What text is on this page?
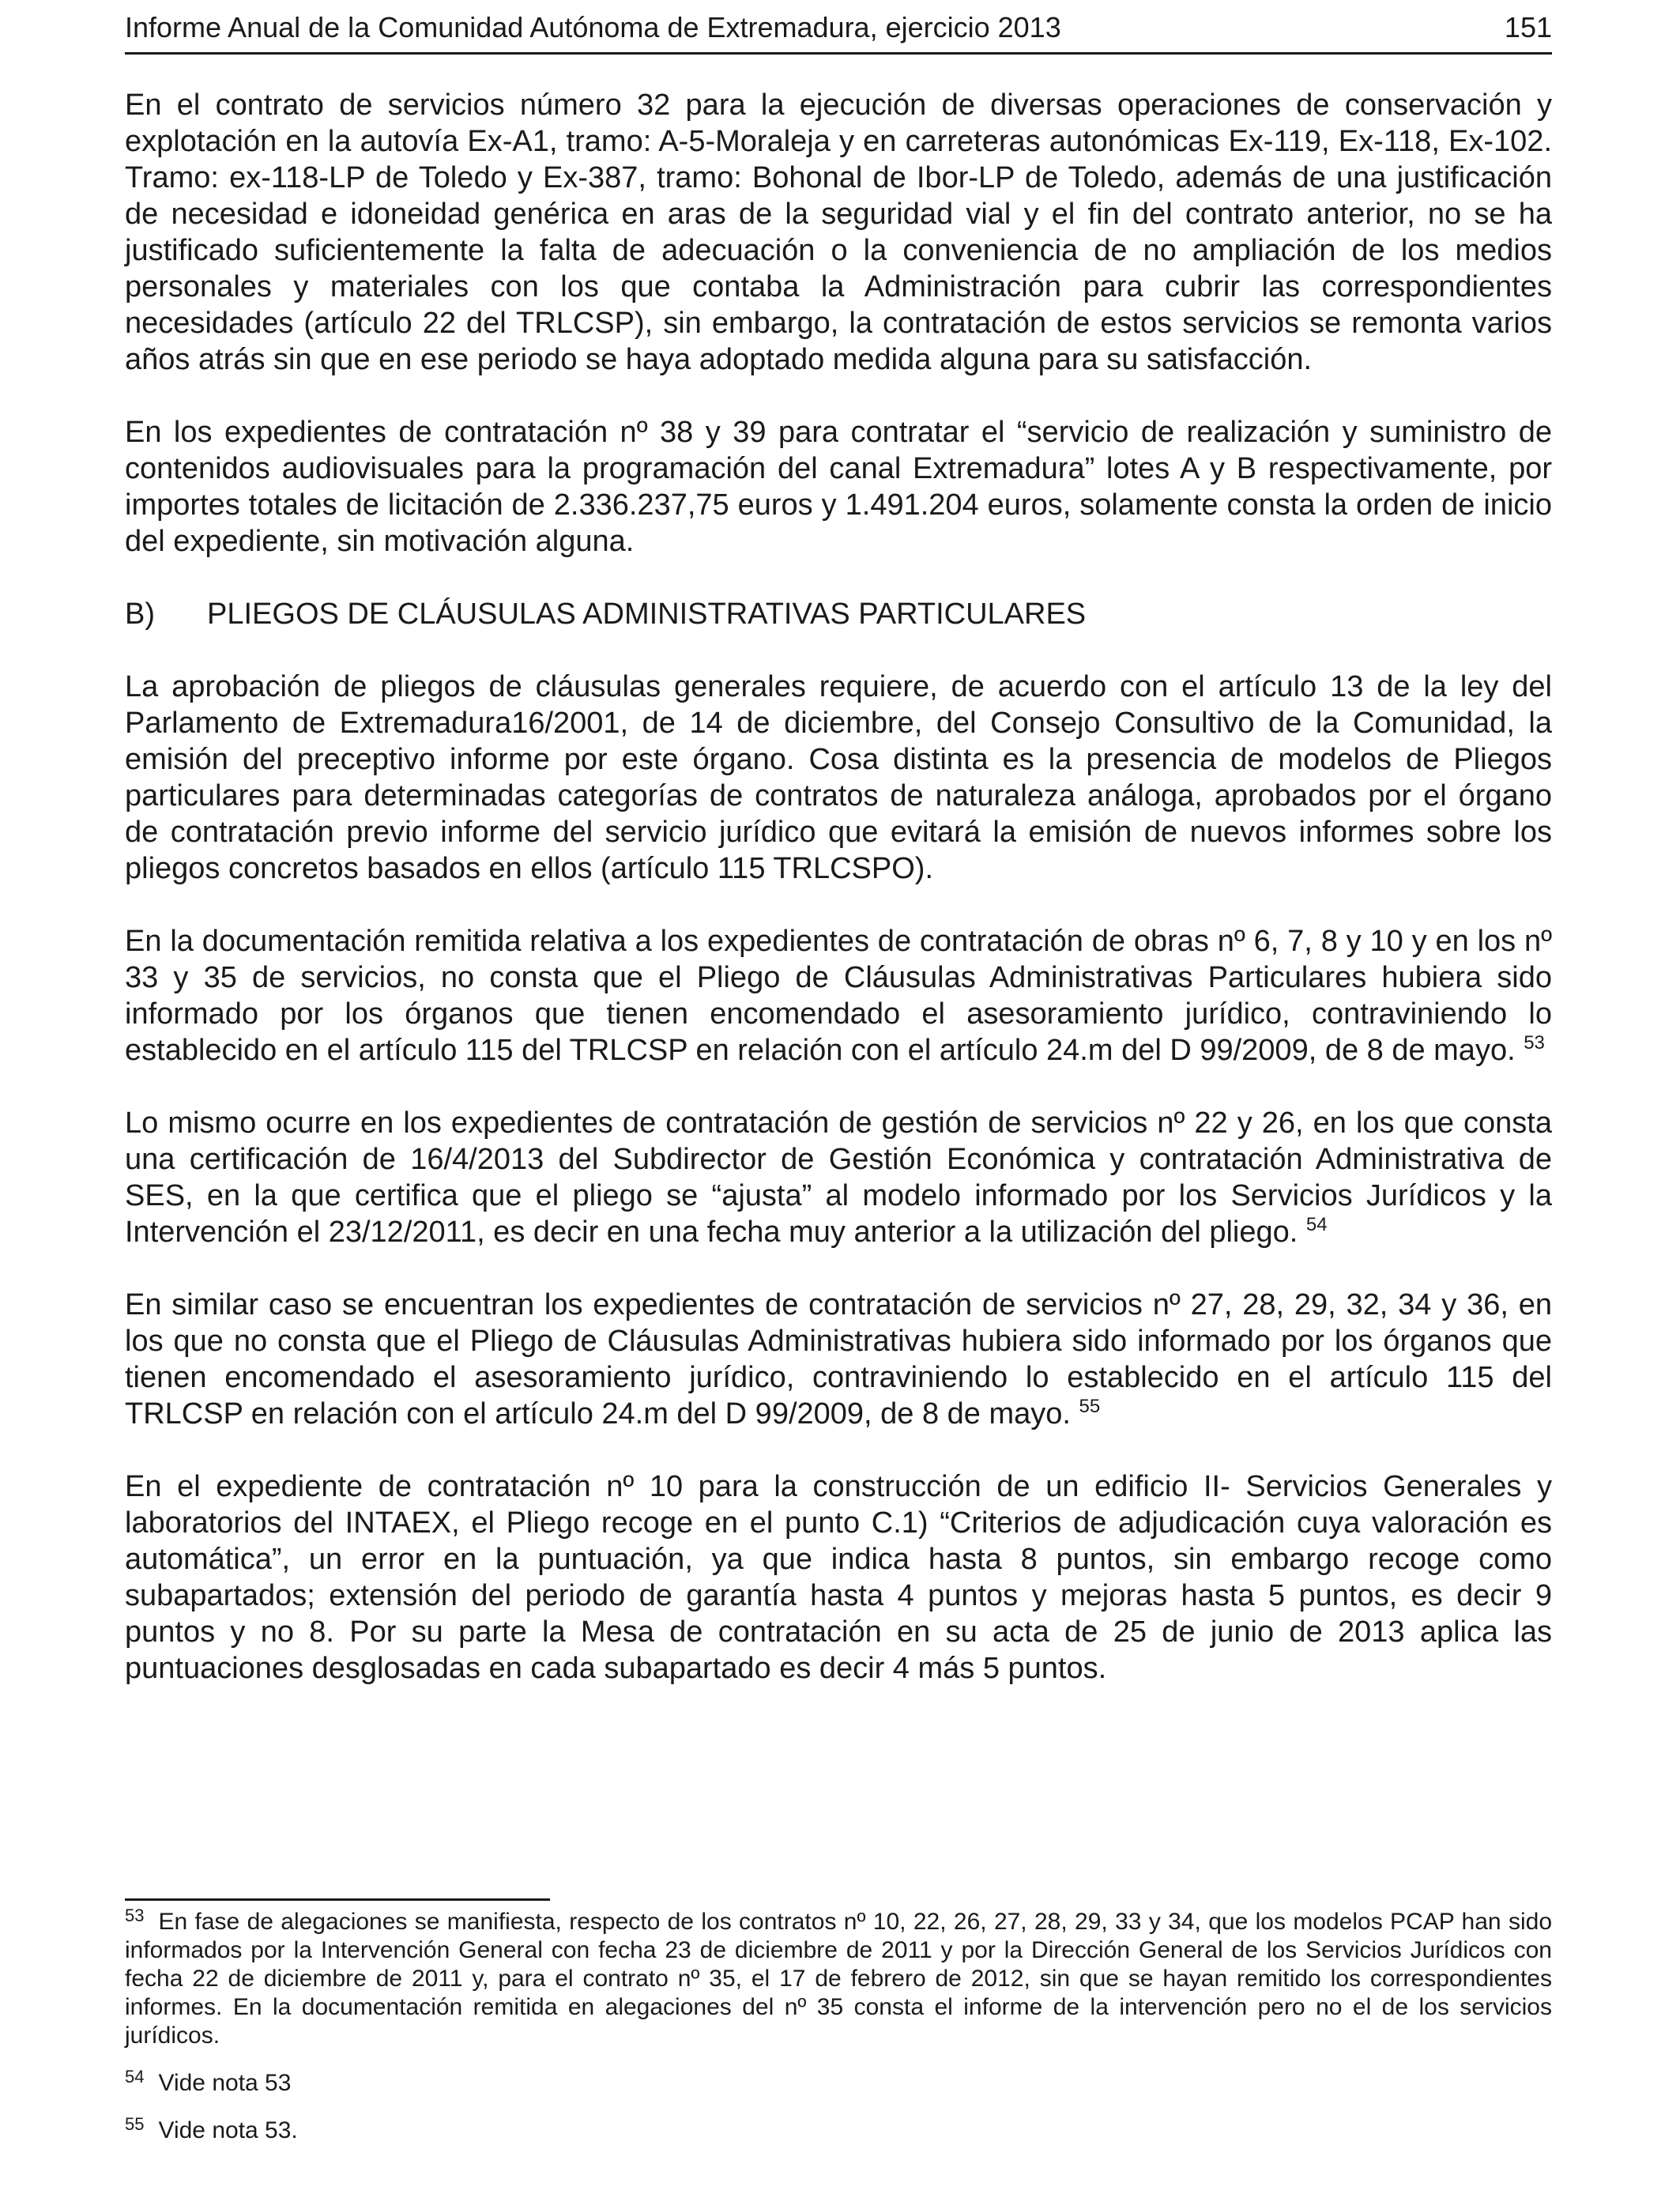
Informe Anual de la Comunidad Autónoma de Extremadura, ejercicio 2013	151

En el contrato de servicios número 32 para la ejecución de diversas operaciones de conservación y explotación en la autovía Ex-A1, tramo: A-5-Moraleja y en carreteras autonómicas Ex-119, Ex-118, Ex-102. Tramo: ex-118-LP de Toledo y Ex-387, tramo: Bohonal de Ibor-LP de Toledo, además de una justificación de necesidad e idoneidad genérica en aras de la seguridad vial y el fin del contrato anterior, no se ha justificado suficientemente la falta de adecuación o la conveniencia de no ampliación de los medios personales y materiales con los que contaba la Administración para cubrir las correspondientes necesidades (artículo 22 del TRLCSP), sin embargo, la contratación de estos servicios se remonta varios años atrás sin que en ese periodo se haya adoptado medida alguna para su satisfacción.

En los expedientes de contratación nº 38 y 39 para contratar el “servicio de realización y suministro de contenidos audiovisuales para la programación del canal Extremadura” lotes A y B respectivamente, por importes totales de licitación de 2.336.237,75 euros y 1.491.204 euros, solamente consta la orden de inicio del expediente, sin motivación alguna.

B) PLIEGOS DE CLÁUSULAS ADMINISTRATIVAS PARTICULARES

La aprobación de pliegos de cláusulas generales requiere, de acuerdo con el artículo 13 de la ley del Parlamento de Extremadura16/2001, de 14 de diciembre, del Consejo Consultivo de la Comunidad, la emisión del preceptivo informe por este órgano. Cosa distinta es la presencia de modelos de Pliegos particulares para determinadas categorías de contratos de naturaleza análoga, aprobados por el órgano de contratación previo informe del servicio jurídico que evitará la emisión de nuevos informes sobre los pliegos concretos basados en ellos (artículo 115 TRLCSPO).

En la documentación remitida relativa a los expedientes de contratación de obras nº 6, 7, 8 y 10 y en los nº 33 y 35 de servicios, no consta que el Pliego de Cláusulas Administrativas Particulares hubiera sido informado por los órganos que tienen encomendado el asesoramiento jurídico, contraviniendo lo establecido en el artículo 115 del TRLCSP en relación con el artículo 24.m del D 99/2009, de 8 de mayo. $^{53}$

Lo mismo ocurre en los expedientes de contratación de gestión de servicios nº 22 y 26, en los que consta una certificación de 16/4/2013 del Subdirector de Gestión Económica y contratación Administrativa de SES, en la que certifica que el pliego se “ajusta” al modelo informado por los Servicios Jurídicos y la Intervención el 23/12/2011, es decir en una fecha muy anterior a la utilización del pliego. $^{54}$

En similar caso se encuentran los expedientes de contratación de servicios nº 27, 28, 29, 32, 34 y 36, en los que no consta que el Pliego de Cláusulas Administrativas hubiera sido informado por los órganos que tienen encomendado el asesoramiento jurídico, contraviniendo lo establecido en el artículo 115 del TRLCSP en relación con el artículo 24.m del D 99/2009, de 8 de mayo. $^{55}$

En el expediente de contratación nº 10 para la construcción de un edificio II- Servicios Generales y laboratorios del INTAEX, el Pliego recoge en el punto C.1) “Criterios de adjudicación cuya valoración es automática”, un error en la puntuación, ya que indica hasta 8 puntos, sin embargo recoge como subapartados; extensión del periodo de garantía hasta 4 puntos y mejoras hasta 5 puntos, es decir 9 puntos y no 8. Por su parte la Mesa de contratación en su acta de 25 de junio de 2013 aplica las puntuaciones desglosadas en cada subapartado es decir 4 más 5 puntos.

$^{53}$ En fase de alegaciones se manifiesta, respecto de los contratos nº 10, 22, 26, 27, 28, 29, 33 y 34, que los modelos PCAP han sido informados por la Intervención General con fecha 23 de diciembre de 2011 y por la Dirección General de los Servicios Jurídicos con fecha 22 de diciembre de 2011 y, para el contrato nº 35, el 17 de febrero de 2012, sin que se hayan remitido los correspondientes informes. En la documentación remitida en alegaciones del nº 35 consta el informe de la intervención pero no el de los servicios jurídicos.

$^{54}$ Vide nota 53

$^{55}$ Vide nota 53.
